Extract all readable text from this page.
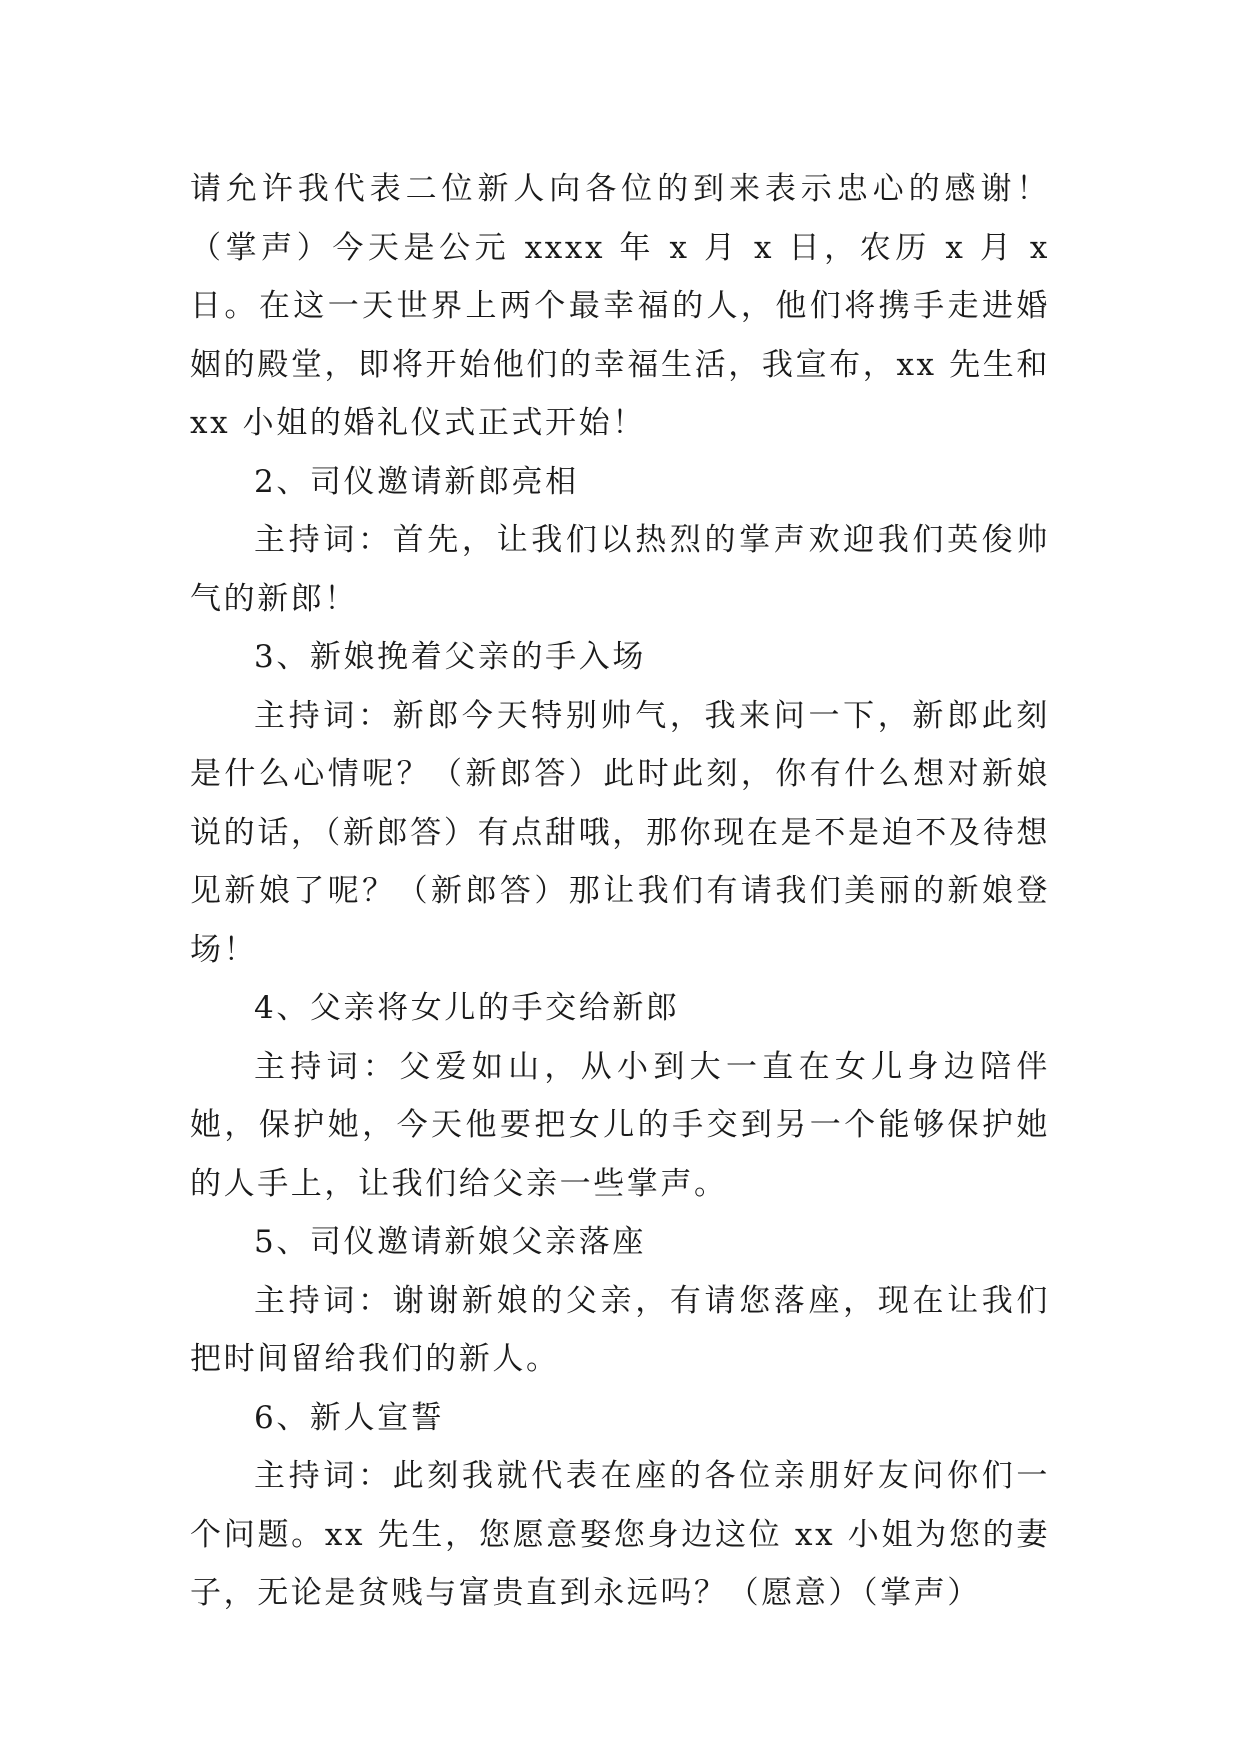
请允许我代表二位新人向各位的到来表示忠心的感谢！（掌声）今天是公元 xxxx 年 x 月 x 日，农历 x 月 x 日。在这一天世界上两个最幸福的人，他们将携手走进婚姻的殿堂，即将开始他们的幸福生活，我宣布，xx 先生和 xx 小姐的婚礼仪式正式开始！

2、司仪邀请新郎亮相

主持词：首先，让我们以热烈的掌声欢迎我们英俊帅气的新郎！

3、新娘挽着父亲的手入场

主持词：新郎今天特别帅气，我来问一下，新郎此刻是什么心情呢？（新郎答）此时此刻，你有什么想对新娘说的话，（新郎答）有点甜哦，那你现在是不是迫不及待想见新娘了呢？（新郎答）那让我们有请我们美丽的新娘登场！

4、父亲将女儿的手交给新郎

主持词：父爱如山，从小到大一直在女儿身边陪伴她，保护她，今天他要把女儿的手交到另一个能够保护她的人手上，让我们给父亲一些掌声。

5、司仪邀请新娘父亲落座

主持词：谢谢新娘的父亲，有请您落座，现在让我们把时间留给我们的新人。

6、新人宣誓

主持词：此刻我就代表在座的各位亲朋好友问你们一个问题。xx 先生，您愿意娶您身边这位 xx 小姐为您的妻子，无论是贫贱与富贵直到永远吗？（愿意）（掌声）
